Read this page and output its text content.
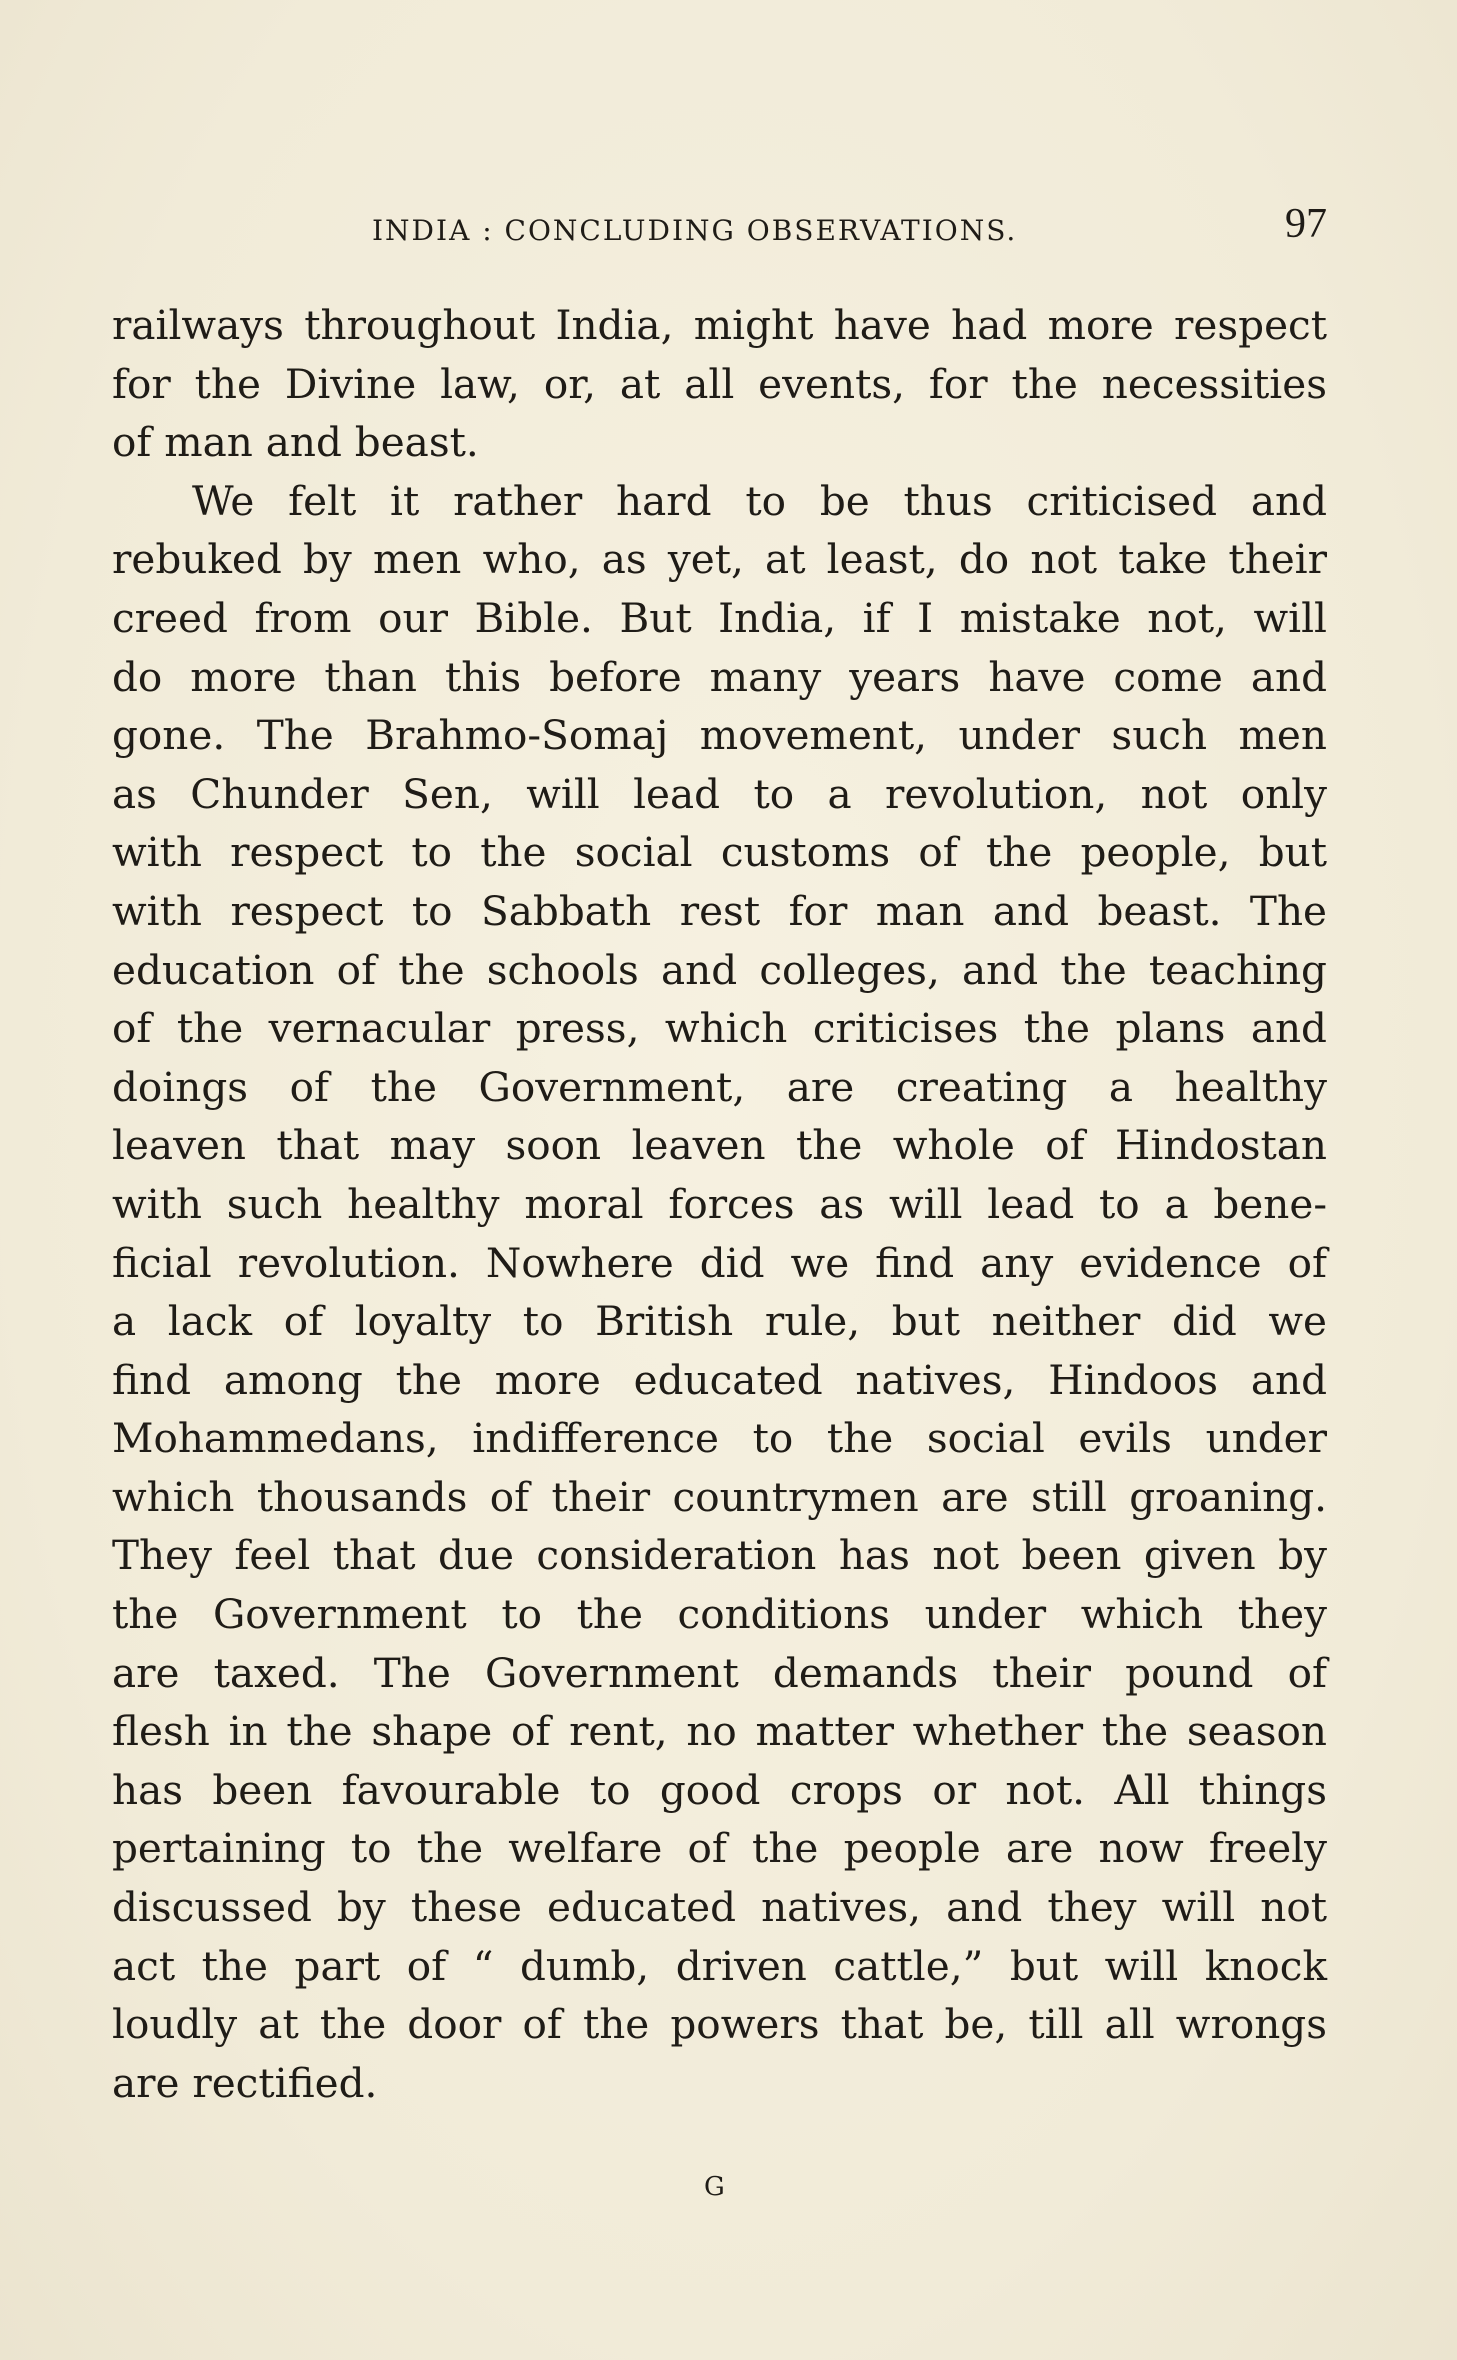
INDIA : CONCLUDING OBSERVATIONS.	97
railways throughout India, might have had more respect
for the Divine law, or, at all events, for the necessities
of man and beast.
We felt it rather hard to be thus criticised and
rebuked by men who, as yet, at least, do not take their
creed from our Bible. But India, if I mistake not, will
do more than this before many years have come and
gone. The Brahmo-Somaj movement, under such men
as Chunder Sen, will lead to a revolution, not only
with respect to the social customs of the people, but
with respect to Sabbath rest for man and beast. The
education of the schools and colleges, and the teaching
of the vernacular press, which criticises the plans and
doings of the Government, are creating a healthy
leaven that may soon leaven the whole of Hindostan
with such healthy moral forces as will lead to a bene-
ficial revolution. Nowhere did we find any evidence of
a lack of loyalty to British rule, but neither did we
find among the more educated natives, Hindoos and
Mohammedans, indifference to the social evils under
which thousands of their countrymen are still groaning.
They feel that due consideration has not been given by
the Government to the conditions under which they
are taxed. The Government demands their pound of
flesh in the shape of rent, no matter whether the season
has been favourable to good crops or not. All things
pertaining to the welfare of the people are now freely
discussed by these educated natives, and they will not
act the part of “ dumb, driven cattle,” but will knock
loudly at the door of the powers that be, till all wrongs
are rectified.
G
